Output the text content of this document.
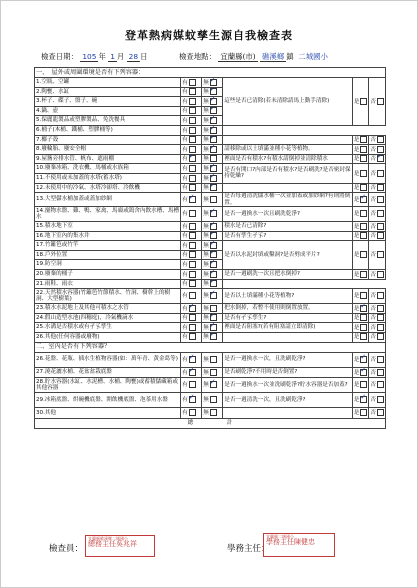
登革熱病媒蚊孳生源自我檢查表
檢查日期： 105 年 1 月 28 日	檢查地點： 宜蘭縣(市) 礁溪鄉 鎮 二城國小
一、　屋外或周圍環境是否有下列容器：					
1.空瓶、空罐	有	無✓	這些是否已清除(若未清除請馬上動手清除)	是	否
2.陶甕、水缸	有	無✓
3.杯子、碟子、盤子、碗	有	無✓
4.鍋、壺	有	無✓
5.保麗龍製品或塑膠製品、免洗餐具	有	無✓
6.桶子(木桶、鐵桶、塑膠桶等)	有	無✓
7.椰子殼	有	無✓		是	否
8.廢輪胎、廢安全帽	有	無✓	請移除或以土填滿並種小花等植物。	是	否
9.屋簷旁排水管、帆布、遮雨棚	有✓	無	裡面是否有積水?有積水請倒掉並清除積水	是	否✓
10.廢棄冰箱、洗衣機、馬桶或水族箱	有	無✓	是否有開口?內部是否有積水?是否刷洗?是否密封保持乾燥?	是	否
11.不使用或未加蓋的水塔(蓄水塔)	有	無✓
12.未使用中的冷氣、水塔冷卻塔、冷飲機	有	無✓		是	否
13.大型儲水桶加蓋或蓋加紗網	有✓	無	是否每週清洗儲水桶一次並加蓋或加紗網?有則將倒置。	是✓	否
14.寵物水盤、雞、鴨、家禽、馬廄或鴿舍內飲水槽、馬槽水	有	無✓	是否一週換水一次且刷洗乾淨?	是	否
15.積水地下室	有	無✓	積水是否已清除?	是	否
16.地下室內的集水井	有	無✓	是否有孳生孑孓?	是	否
17.竹籬笆或竹竿	有	無✓	是否以水泥封填或鑿洞?是否劈成平片?	是	否
18.戶外位置	有	無✓
19.防空洞	有	無✓
20.廢棄的桶子	有	無✓	是否一週刷洗一次且把水倒掉?	是	否
21.雨鞋、雨衣	有	無✓
22.天然積水容器(竹籬笆竹節積水、竹洞、樹幹上的樹洞、大型樹葉)	有	無✓	是否以土填滿種小花等植物?	是	否
23.積水水泥地上及其他可積水之水管	有✓	無	把水倒掉，若暫不使用則倒置放置。	是✓	否
24.假山造型水池(四穗庭)，冷氣機滴水	有	無✓	是否有孑孓孳生?	是	否
25.水溝是否積水或有孑孓孳生	有	無✓	裡面是否阻塞?(若有阻塞請立即清除)	是	否
26.其他(任何容器或廢物)	有	無✓		是	否
二、室內是否有下列容器？					
26.花盤、花瓶、插水生植物容器(如：萬年青、黃金葛等)	有✓	無	是否一週換水一次，且洗刷乾淨?	是✓	否
27.澆花灑水桶、花盆盆栽底盤	有✓	無	是否刷乾淨?不用時是否倒置?	是✓	否
28.貯水容器(水缸、水泥槽、水桶、陶甕)或蓄積儲藏箱或其他容器	有	無✓	是否一週換水一次並洗刷乾淨?貯水容器是否加蓋?	是	否
29.冰箱底盤、烘碗機底盤、開飲機底盤、泡茶用水盤	有✓	無	是否一週清洗一次，且洗刷乾淨?	是✓	否
30.其他	有	無		是	否
總　　　　　　計					
檢查員：
宜蘭縣礁溪鄉二城國小
總務主任吳兆祥	學務主任：
宜蘭縣二城國小
學務主任陳健忠
